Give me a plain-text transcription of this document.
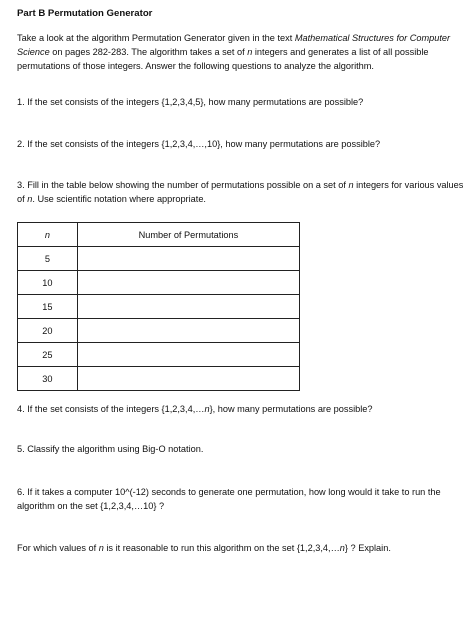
Part B Permutation Generator
Take a look at the algorithm Permutation Generator given in the text Mathematical Structures for Computer Science on pages 282-283. The algorithm takes a set of n integers and generates a list of all possible permutations of those integers. Answer the following questions to analyze the algorithm.
1. If the set consists of the integers {1,2,3,4,5}, how many permutations are possible?
2. If the set consists of the integers {1,2,3,4,…,10}, how many permutations are possible?
3. Fill in the table below showing the number of permutations possible on a set of n integers for various values of n. Use scientific notation where appropriate.
n	Number of Permutations
5	
10	
15	
20	
25	
30	
4. If the set consists of the integers {1,2,3,4,…n}, how many permutations are possible?
5. Classify the algorithm using Big-O notation.
6. If it takes a computer 10^(-12) seconds to generate one permutation, how long would it take to run the algorithm on the set {1,2,3,4,…10} ?
For which values of n is it reasonable to run this algorithm on the set {1,2,3,4,…n} ? Explain.
